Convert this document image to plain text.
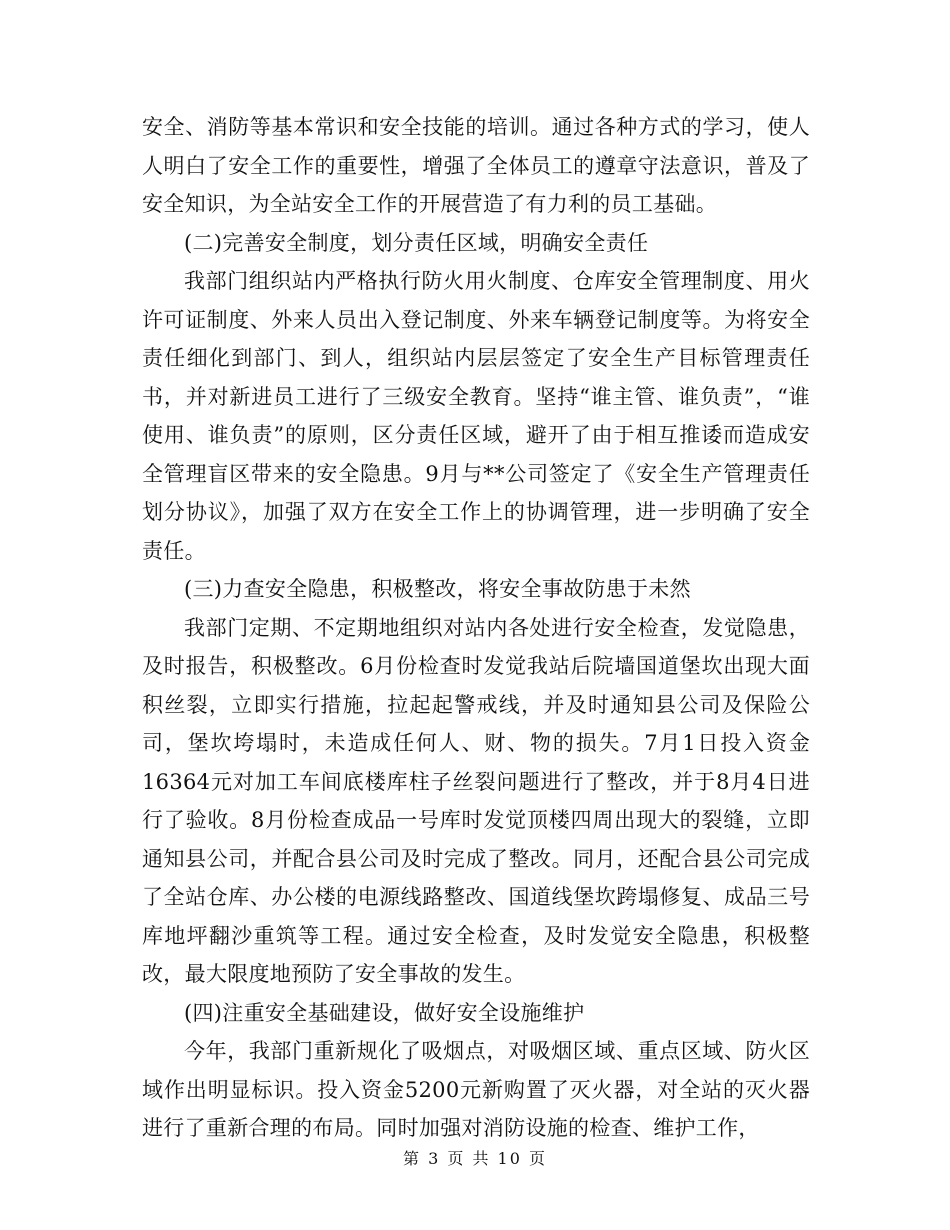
安全、消防等基本常识和安全技能的培训。通过各种方式的学习，使人人明白了安全工作的重要性，增强了全体员工的遵章守法意识，普及了安全知识，为全站安全工作的开展营造了有力利的员工基础。

(二)完善安全制度，划分责任区域，明确安全责任

我部门组织站内严格执行防火用火制度、仓库安全管理制度、用火许可证制度、外来人员出入登记制度、外来车辆登记制度等。为将安全责任细化到部门、到人，组织站内层层签定了安全生产目标管理责任书，并对新进员工进行了三级安全教育。坚持“谁主管、谁负责”，“谁使用、谁负责”的原则，区分责任区域，避开了由于相互推诿而造成安全管理盲区带来的安全隐患。9月与**公司签定了《安全生产管理责任划分协议》，加强了双方在安全工作上的协调管理，进一步明确了安全责任。

(三)力查安全隐患，积极整改，将安全事故防患于未然

我部门定期、不定期地组织对站内各处进行安全检查，发觉隐患，及时报告，积极整改。6月份检查时发觉我站后院墙国道堡坎出现大面积丝裂，立即实行措施，拉起起警戒线，并及时通知县公司及保险公司，堡坎垮塌时，未造成任何人、财、物的损失。7月1日投入资金16364元对加工车间底楼库柱子丝裂问题进行了整改，并于8月4日进行了验收。8月份检查成品一号库时发觉顶楼四周出现大的裂缝，立即通知县公司，并配合县公司及时完成了整改。同月，还配合县公司完成了全站仓库、办公楼的电源线路整改、国道线堡坎跨塌修复、成品三号库地坪翻沙重筑等工程。通过安全检查，及时发觉安全隐患，积极整改，最大限度地预防了安全事故的发生。

(四)注重安全基础建设，做好安全设施维护

今年，我部门重新规化了吸烟点，对吸烟区域、重点区域、防火区域作出明显标识。投入资金5200元新购置了灭火器，对全站的灭火器进行了重新合理的布局。同时加强对消防设施的检查、维护工作，

第 3 页 共 10 页
